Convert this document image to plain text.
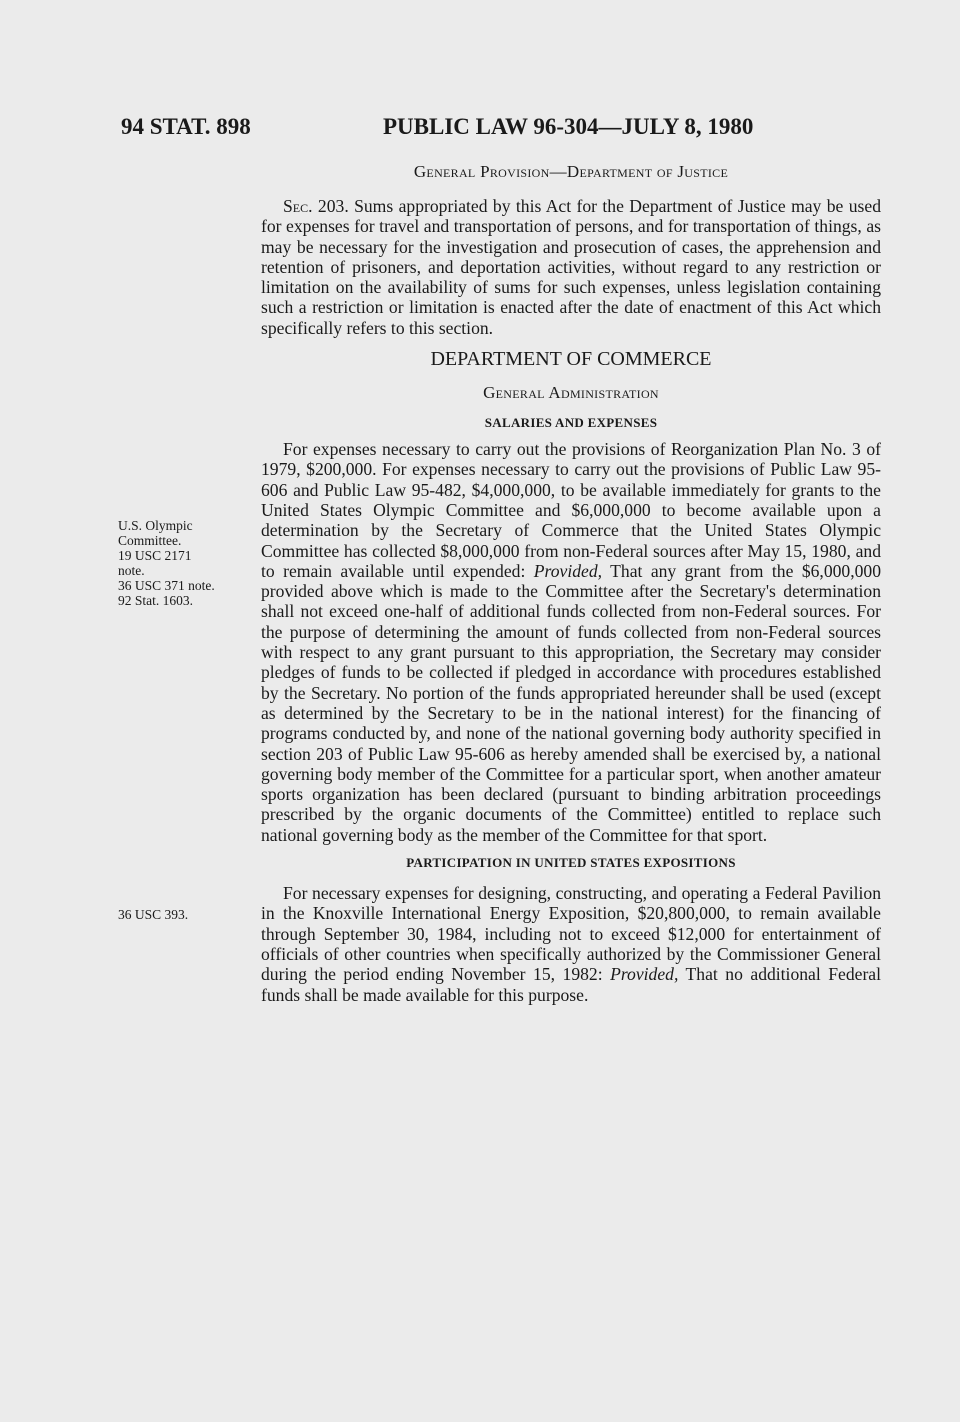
94 STAT. 898	PUBLIC LAW 96-304—JULY 8, 1980
U.S. Olympic
Committee.
19 USC 2171
note.
36 USC 371 note.
92 Stat. 1603.
36 USC 393.
General Provision—Department of Justice

Sec. 203. Sums appropriated by this Act for the Department of Justice may be used for expenses for travel and transportation of persons, and for transportation of things, as may be necessary for the investigation and prosecution of cases, the apprehension and retention of prisoners, and deportation activities, without regard to any restriction or limitation on the availability of sums for such expenses, unless legislation containing such a restriction or limitation is enacted after the date of enactment of this Act which specifically refers to this section.

DEPARTMENT OF COMMERCE
General Administration
SALARIES AND EXPENSES

For expenses necessary to carry out the provisions of Reorganization Plan No. 3 of 1979, $200,000. For expenses necessary to carry out the provisions of Public Law 95-606 and Public Law 95-482, $4,000,000, to be available immediately for grants to the United States Olympic Committee and $6,000,000 to become available upon a determination by the Secretary of Commerce that the United States Olympic Committee has collected $8,000,000 from non-Federal sources after May 15, 1980, and to remain available until expended: Provided, That any grant from the $6,000,000 provided above which is made to the Committee after the Secretary's determination shall not exceed one-half of additional funds collected from non-Federal sources. For the purpose of determining the amount of funds collected from non-Federal sources with respect to any grant pursuant to this appropriation, the Secretary may consider pledges of funds to be collected if pledged in accordance with procedures established by the Secretary. No portion of the funds appropriated hereunder shall be used (except as determined by the Secretary to be in the national interest) for the financing of programs conducted by, and none of the national governing body authority specified in section 203 of Public Law 95-606 as hereby amended shall be exercised by, a national governing body member of the Committee for a particular sport, when another amateur sports organization has been declared (pursuant to binding arbitration proceedings prescribed by the organic documents of the Committee) entitled to replace such national governing body as the member of the Committee for that sport.

PARTICIPATION IN UNITED STATES EXPOSITIONS

For necessary expenses for designing, constructing, and operating a Federal Pavilion in the Knoxville International Energy Exposition, $20,800,000, to remain available through September 30, 1984, including not to exceed $12,000 for entertainment of officials of other countries when specifically authorized by the Commissioner General during the period ending November 15, 1982: Provided, That no additional Federal funds shall be made available for this purpose.
